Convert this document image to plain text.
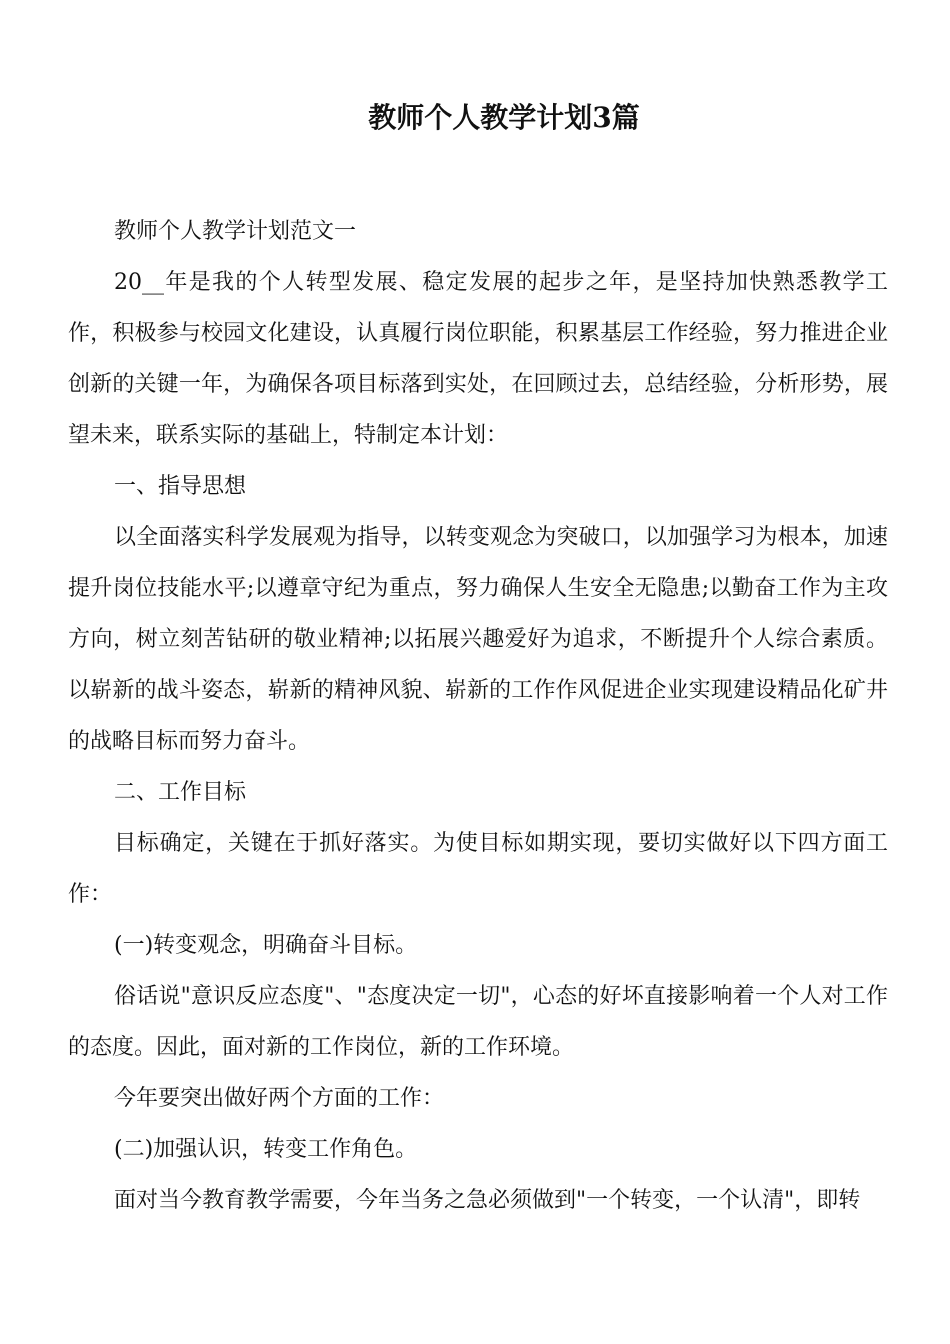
教师个人教学计划3篇

教师个人教学计划范文一

20__年是我的个人转型发展、稳定发展的起步之年，是坚持加快熟悉教学工作，积极参与校园文化建设，认真履行岗位职能，积累基层工作经验，努力推进企业创新的关键一年，为确保各项目标落到实处，在回顾过去，总结经验，分析形势，展望未来，联系实际的基础上，特制定本计划：

一、指导思想

以全面落实科学发展观为指导，以转变观念为突破口，以加强学习为根本，加速提升岗位技能水平;以遵章守纪为重点，努力确保人生安全无隐患;以勤奋工作为主攻方向，树立刻苦钻研的敬业精神;以拓展兴趣爱好为追求，不断提升个人综合素质。以崭新的战斗姿态，崭新的精神风貌、崭新的工作作风促进企业实现建设精品化矿井的战略目标而努力奋斗。

二、工作目标

目标确定，关键在于抓好落实。为使目标如期实现，要切实做好以下四方面工作：

(一)转变观念，明确奋斗目标。

俗话说"意识反应态度"、"态度决定一切"，心态的好坏直接影响着一个人对工作的态度。因此，面对新的工作岗位，新的工作环境。

今年要突出做好两个方面的工作：

(二)加强认识，转变工作角色。

面对当今教育教学需要，今年当务之急必须做到"一个转变，一个认清"，即转
